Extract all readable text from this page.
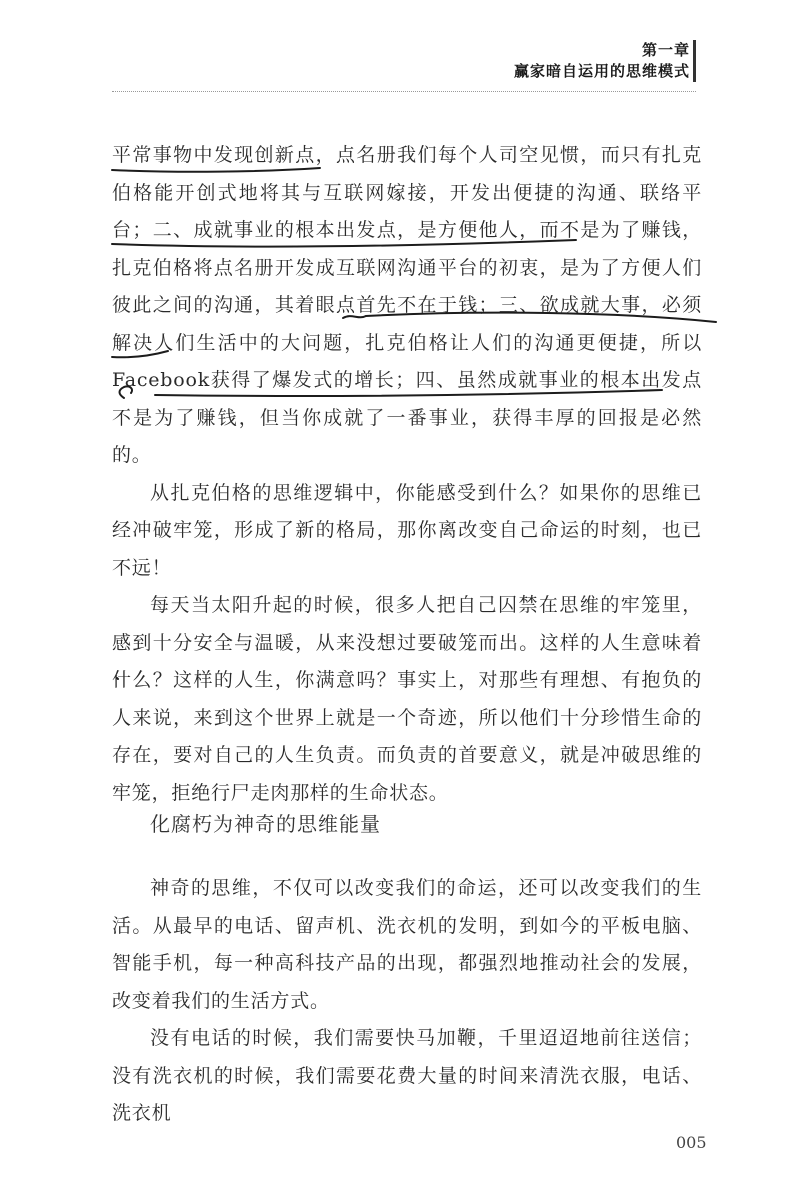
第一章
赢家暗自运用的思维模式

平常事物中发现创新点，点名册我们每个人司空见惯，而只有扎克伯格能开创式地将其与互联网嫁接，开发出便捷的沟通、联络平台；二、成就事业的根本出发点，是方便他人，而不是为了赚钱，扎克伯格将点名册开发成互联网沟通平台的初衷，是为了方便人们彼此之间的沟通，其着眼点首先不在于钱；三、欲成就大事，必须解决人们生活中的大问题，扎克伯格让人们的沟通更便捷，所以Facebook获得了爆发式的增长；四、虽然成就事业的根本出发点不是为了赚钱，但当你成就了一番事业，获得丰厚的回报是必然的。

从扎克伯格的思维逻辑中，你能感受到什么？如果你的思维已经冲破牢笼，形成了新的格局，那你离改变自己命运的时刻，也已不远！

每天当太阳升起的时候，很多人把自己囚禁在思维的牢笼里，感到十分安全与温暖，从来没想过要破笼而出。这样的人生意味着什么？这样的人生，你满意吗？事实上，对那些有理想、有抱负的人来说，来到这个世界上就是一个奇迹，所以他们十分珍惜生命的存在，要对自己的人生负责。而负责的首要意义，就是冲破思维的牢笼，拒绝行尸走肉那样的生命状态。

化腐朽为神奇的思维能量

神奇的思维，不仅可以改变我们的命运，还可以改变我们的生活。从最早的电话、留声机、洗衣机的发明，到如今的平板电脑、智能手机，每一种高科技产品的出现，都强烈地推动社会的发展，改变着我们的生活方式。

没有电话的时候，我们需要快马加鞭，千里迢迢地前往送信；没有洗衣机的时候，我们需要花费大量的时间来清洗衣服，电话、洗衣机

005
